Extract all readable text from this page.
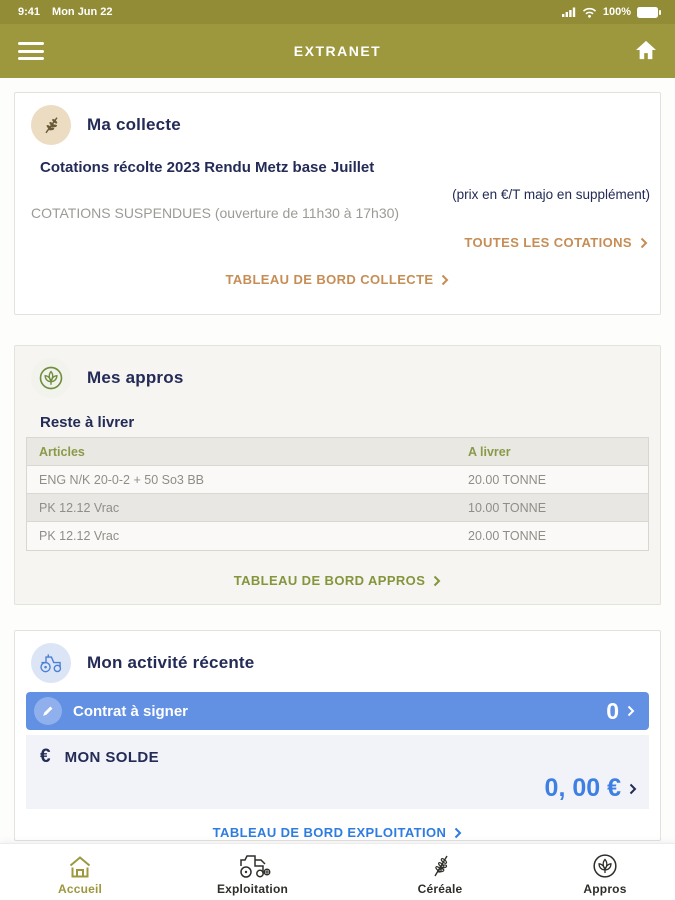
9:41 Mon Jun 22	100%
EXTRANET
Ma collecte
Cotations récolte 2023 Rendu Metz base Juillet
(prix en €/T majo en supplément)
COTATIONS SUSPENDUES (ouverture de 11h30 à 17h30)
TOUTES LES COTATIONS
TABLEAU DE BORD COLLECTE
Mes appros
Reste à livrer
Articles	A livrer
ENG N/K 20-0-2 + 50 So3 BB	20.00 TONNE
PK 12.12 Vrac	10.00 TONNE
PK 12.12 Vrac	20.00 TONNE
TABLEAU DE BORD APPROS
Mon activité récente
Contrat à signer	0
€ MON SOLDE
0, 00 €
TABLEAU DE BORD EXPLOITATION
Accueil	Exploitation	Céréale	Appros
